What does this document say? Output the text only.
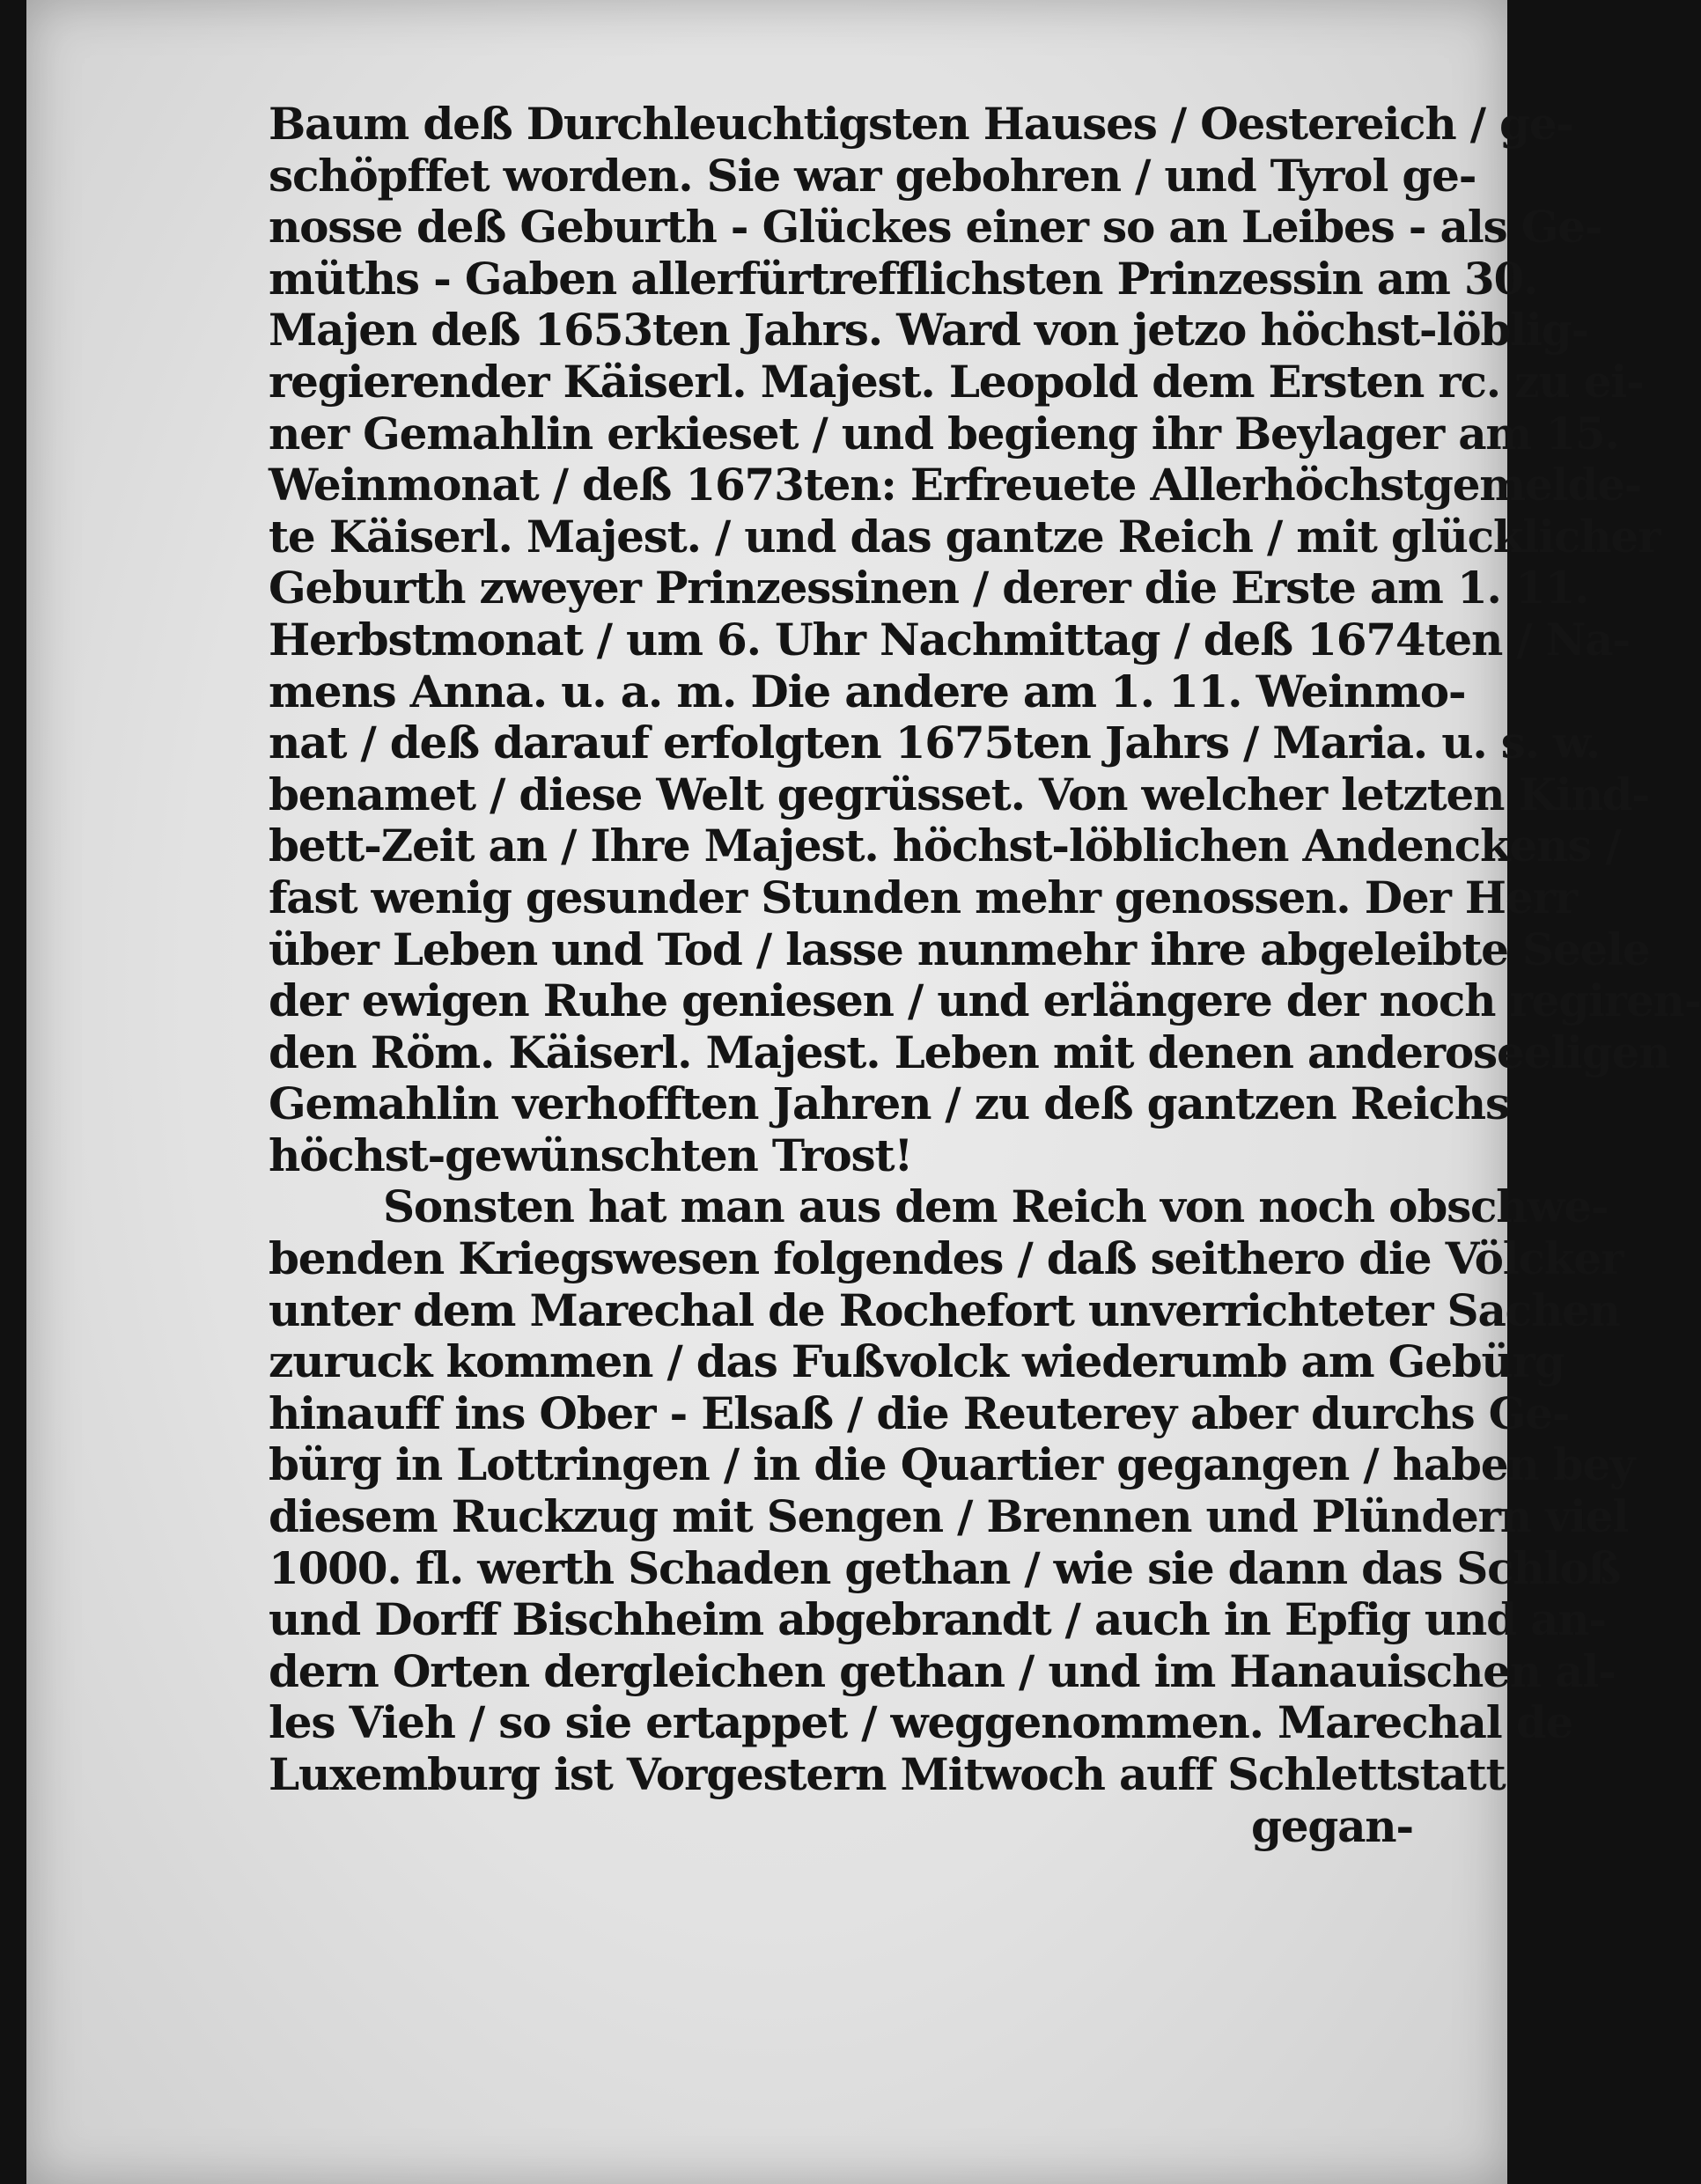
Baum deß Durchleuchtigsten Hauses / Oestereich / ge-
schöpffet worden. Sie war gebohren / und Tyrol ge-
nosse deß Geburth - Glückes einer so an Leibes - als Ge-
müths - Gaben allerfürtrefflichsten Prinzessin am 30.
Majen deß 1653ten Jahrs. Ward von jetzo höchst-löblig-
regierender Käiserl. Majest. Leopold dem Ersten rc. zu ei-
ner Gemahlin erkieset / und begieng ihr Beylager am 15.
Weinmonat / deß 1673ten: Erfreuete Allerhöchstgemelde-
te Käiserl. Majest. / und das gantze Reich / mit glücklicher
Geburth zweyer Prinzessinen / derer die Erste am 1. 11.
Herbstmonat / um 6. Uhr Nachmittag / deß 1674ten / Na-
mens Anna. u. a. m. Die andere am 1. 11. Weinmo-
nat / deß darauf erfolgten 1675ten Jahrs / Maria. u. s. w.
benamet / diese Welt gegrüsset. Von welcher letzten Kind-
bett-Zeit an / Ihre Majest. höchst-löblichen Andenckens /
fast wenig gesunder Stunden mehr genossen. Der Herr
über Leben und Tod / lasse nunmehr ihre abgeleibte Seele
der ewigen Ruhe geniesen / und erlängere der noch regiren-
den Röm. Käiserl. Majest. Leben mit denen anderoseeligen
Gemahlin verhofften Jahren / zu deß gantzen Reichs
höchst-gewünschten Trost!
Sonsten hat man aus dem Reich von noch obschwe-
benden Kriegswesen folgendes / daß seithero die Völcker
unter dem Marechal de Rochefort unverrichteter Sachen
zuruck kommen / das Fußvolck wiederumb am Gebürg
hinauff ins Ober - Elsaß / die Reuterey aber durchs Ge-
bürg in Lottringen / in die Quartier gegangen / haben bey
diesem Ruckzug mit Sengen / Brennen und Plündern viel
1000. fl. werth Schaden gethan / wie sie dann das Schloß
und Dorff Bischheim abgebrandt / auch in Epfig und an-
dern Orten dergleichen gethan / und im Hanauischen al-
les Vieh / so sie ertappet / weggenommen. Marechal de
Luxemburg ist Vorgestern Mitwoch auff Schlettstatt
gegan-
